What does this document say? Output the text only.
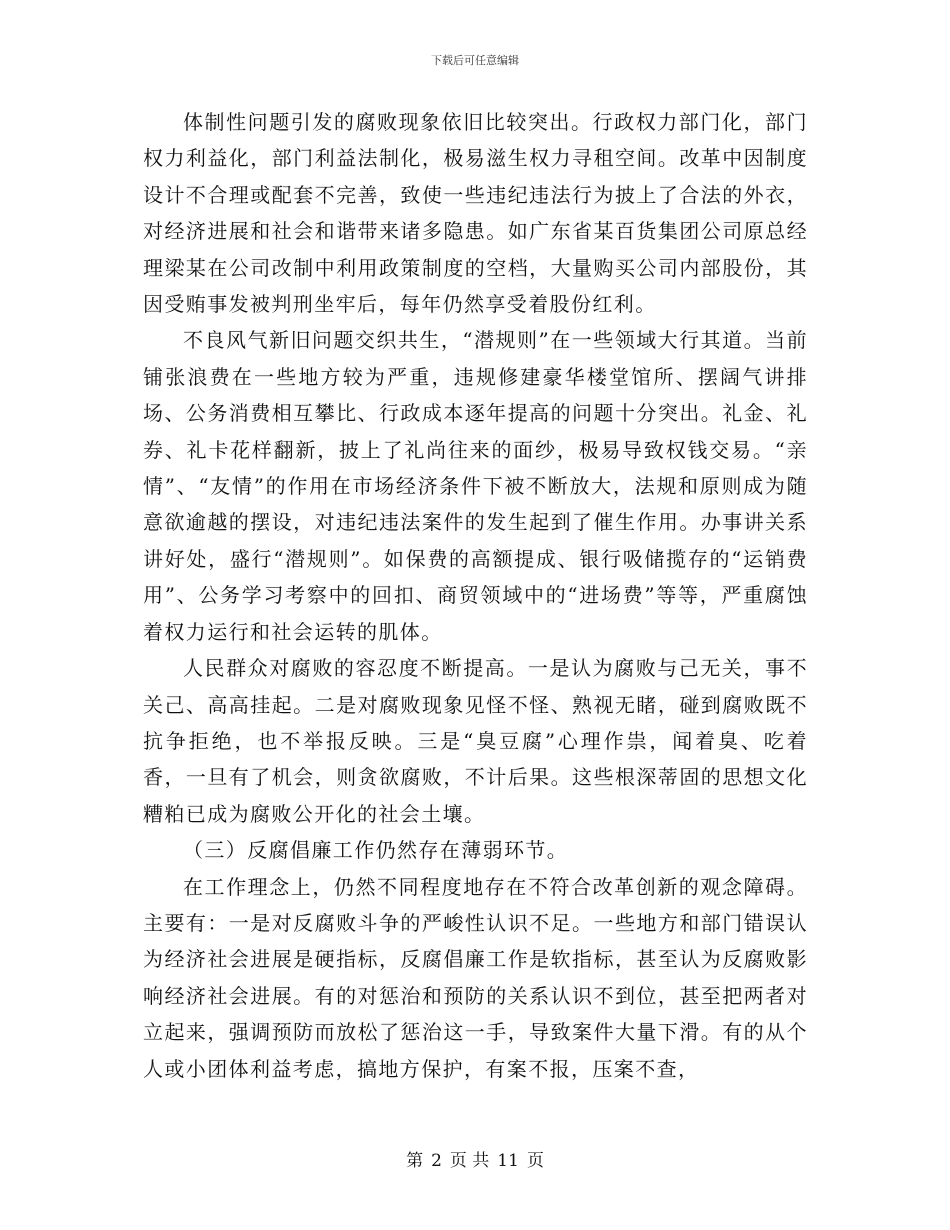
下载后可任意编辑

体制性问题引发的腐败现象依旧比较突出。行政权力部门化，部门权力利益化，部门利益法制化，极易滋生权力寻租空间。改革中因制度设计不合理或配套不完善，致使一些违纪违法行为披上了合法的外衣，对经济进展和社会和谐带来诸多隐患。如广东省某百货集团公司原总经理梁某在公司改制中利用政策制度的空档，大量购买公司内部股份，其因受贿事发被判刑坐牢后，每年仍然享受着股份红利。

不良风气新旧问题交织共生，“潜规则”在一些领域大行其道。当前铺张浪费在一些地方较为严重，违规修建豪华楼堂馆所、摆阔气讲排场、公务消费相互攀比、行政成本逐年提高的问题十分突出。礼金、礼券、礼卡花样翻新，披上了礼尚往来的面纱，极易导致权钱交易。“亲情”、“友情”的作用在市场经济条件下被不断放大，法规和原则成为随意欲逾越的摆设，对违纪违法案件的发生起到了催生作用。办事讲关系讲好处，盛行“潜规则”。如保费的高额提成、银行吸储揽存的“运销费用”、公务学习考察中的回扣、商贸领域中的“进场费”等等，严重腐蚀着权力运行和社会运转的肌体。

人民群众对腐败的容忍度不断提高。一是认为腐败与己无关，事不关己、高高挂起。二是对腐败现象见怪不怪、熟视无睹，碰到腐败既不抗争拒绝，也不举报反映。三是“臭豆腐”心理作祟，闻着臭、吃着香，一旦有了机会，则贪欲腐败，不计后果。这些根深蒂固的思想文化糟粕已成为腐败公开化的社会土壤。

（三）反腐倡廉工作仍然存在薄弱环节。

在工作理念上，仍然不同程度地存在不符合改革创新的观念障碍。主要有：一是对反腐败斗争的严峻性认识不足。一些地方和部门错误认为经济社会进展是硬指标，反腐倡廉工作是软指标，甚至认为反腐败影响经济社会进展。有的对惩治和预防的关系认识不到位，甚至把两者对立起来，强调预防而放松了惩治这一手，导致案件大量下滑。有的从个人或小团体利益考虑，搞地方保护，有案不报，压案不查，

第 2 页 共 11 页
